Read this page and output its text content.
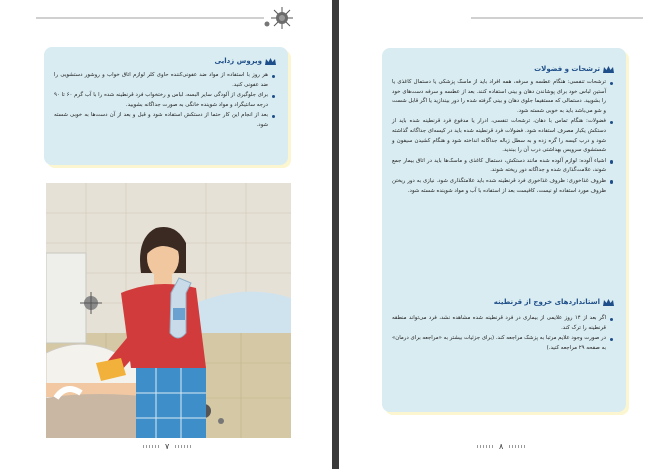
ویروس زدایی
هر روز با استفاده از مواد ضد عفونی‌کننده حاوی کلر لوازم اتاق خواب و روشور دستشویی را ضد عفونی کنید.
برای جلوگیری از آلودگی سایر البسه، لباس و رختخواب فرد قرنطینه شده را با آب گرم ۶۰ تا ۹۰ درجه سانتیگراد و مواد شوینده خانگی به صورت جداگانه بشویید.
بعد از انجام این کار حتما از دستکش استفاده شود و قبل و بعد از آن دست‌ها به خوبی شسته شود.
۷
ترشحات و فضولات
ترشحات تنفسی: هنگام عطسه و سرفه، همه افراد باید از ماسک پزشکی یا دستمال کاغذی یا آستین لباس خود برای پوشاندن دهان و بینی استفاده کنند. بعد از عطسه و سرفه دست‌های خود را بشویید. دستمالی که مستقیما جلوی دهان و بینی گرفته شده را دور بیندازید یا اگر قابل شست و شو می‌باشد باید به خوبی شسته شود.
فضولات: هنگام تماس با دهان، ترشحات تنفسی، ادرار یا مدفوع فرد قرنطینه شده باید از دستکش یکبار مصرف استفاده شود. فضولات فرد قرنطینه شده باید در کیسه‌ای جداگانه گذاشته شود و درب کیسه را گره زده و به سطل زباله جداگانه انداخته شود و هنگام کشیدن سیفون و شستشوی سرویس بهداشتی درب آن را ببندید.
اشیاء آلوده: لوازم آلوده شده مانند دستکش، دستمال کاغذی و ماسک‌ها باید در اتاق بیمار جمع شوند، علامت‌گذاری شده و جداگانه دور ریخته شوند.
ظروف غذاخوری: ظروف غذاخوری فرد قرنطینه شده باید علامتگذاری شود. نیازی به دور ریختن ظروف مورد استفاده او نیست، کافیست بعد از استفاده با آب و مواد شوینده شسته شود.
استانداردهای خروج از قرنطینه
اگر بعد از ۱۴ روز علایمی از بیماری در فرد قرنطینه شده مشاهده نشد، فرد می‌تواند منطقه قرنطینه را ترک کند.
در صورت وجود علایم مرتبا به پزشک مراجعه کند. (برای جزئیات بیشتر به «مراجعه برای درمان» به صفحه ۲۹ مراجعه کنید.)
۸
